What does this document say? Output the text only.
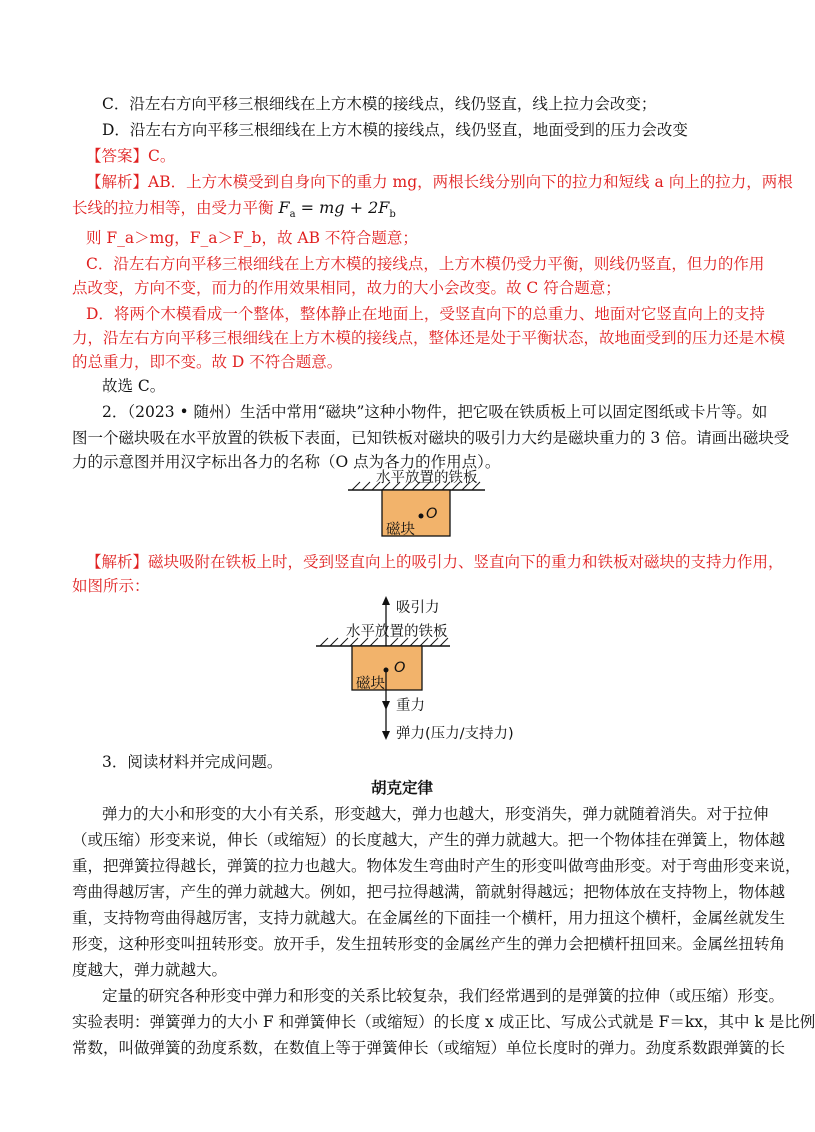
C．沿左右方向平移三根细线在上方木模的接线点，线仍竖直，线上拉力会改变；
D．沿左右方向平移三根细线在上方木模的接线点，线仍竖直，地面受到的压力会改变
【答案】C。
【解析】AB．上方木模受到自身向下的重力 mg，两根长线分别向下的拉力和短线 a 向上的拉力，两根
长线的拉力相等，由受力平衡 $F_a$ = mg + $2F_b$
则 F_a＞mg，F_a＞F_b，故 AB 不符合题意；
C．沿左右方向平移三根细线在上方木模的接线点，上方木模仍受力平衡，则线仍竖直，但力的作用
点改变，方向不变，而力的作用效果相同，故力的大小会改变。故 C 符合题意；
D．将两个木模看成一个整体，整体静止在地面上，受竖直向下的总重力、地面对它竖直向上的支持
力，沿左右方向平移三根细线在上方木模的接线点，整体还是处于平衡状态，故地面受到的压力还是木模
的总重力，即不变。故 D 不符合题意。
故选 C。
2．（2023 • 随州）生活中常用“磁块”这种小物件，把它吸在铁质板上可以固定图纸或卡片等。如
图一个磁块吸在水平放置的铁板下表面，已知铁板对磁块的吸引力大约是磁块重力的 3 倍。请画出磁块受
力的示意图并用汉字标出各力的名称（O 点为各力的作用点）。
水平放置的铁板
磁块
O
【解析】磁块吸附在铁板上时，受到竖直向上的吸引力、竖直向下的重力和铁板对磁块的支持力作用，
如图所示：
吸引力
水平放置的铁板
磁块
O
重力
弹力(压力/支持力)
3．阅读材料并完成问题。
胡克定律
弹力的大小和形变的大小有关系，形变越大，弹力也越大，形变消失，弹力就随着消失。对于拉伸
（或压缩）形变来说，伸长（或缩短）的长度越大，产生的弹力就越大。把一个物体挂在弹簧上，物体越
重，把弹簧拉得越长，弹簧的拉力也越大。物体发生弯曲时产生的形变叫做弯曲形变。对于弯曲形变来说，
弯曲得越厉害，产生的弹力就越大。例如，把弓拉得越满，箭就射得越远；把物体放在支持物上，物体越
重，支持物弯曲得越厉害，支持力就越大。在金属丝的下面挂一个横杆，用力扭这个横杆，金属丝就发生
形变，这种形变叫扭转形变。放开手，发生扭转形变的金属丝产生的弹力会把横杆扭回来。金属丝扭转角
度越大，弹力就越大。
定量的研究各种形变中弹力和形变的关系比较复杂，我们经常遇到的是弹簧的拉伸（或压缩）形变。
实验表明：弹簧弹力的大小 F 和弹簧伸长（或缩短）的长度 x 成正比、写成公式就是 F＝kx，其中 k 是比例
常数，叫做弹簧的劲度系数，在数值上等于弹簧伸长（或缩短）单位长度时的弹力。劲度系数跟弹簧的长
